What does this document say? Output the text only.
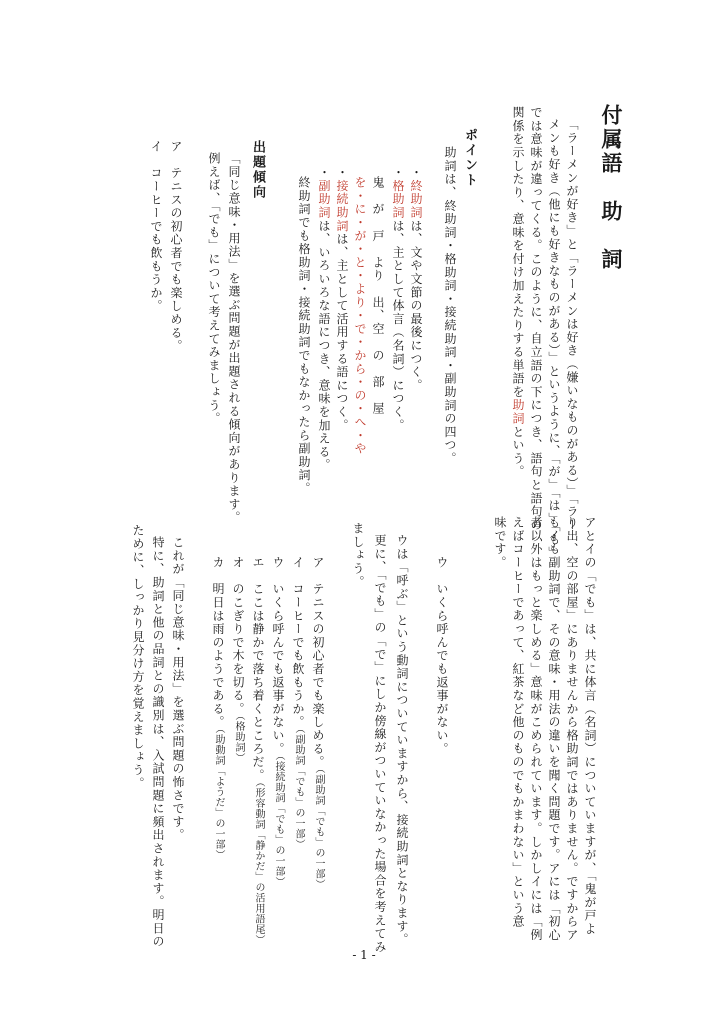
付属語　助　詞
「ラーメンが好き」と「ラーメンは好き（嫌いなものがある）」「ラー
メンも好き（他にも好きなものがある）」というように、「が」「は」「も」
では意味が違ってくる。このように、自立語の下につき、語句と語句の
関係を示したり、意味を付け加えたりする単語を助詞という。
ポイント
助詞は、終助詞・格助詞・接続助詞・副助詞の四つ。
・終助詞は、文や文節の最後につく。
・格助詞は、主として体言（名詞）につく。
鬼　が　戸　より　出、空　の　部　屋
を・に・が・と・より・で・から・の・へ・や
・接続助詞は、主として活用する語につく。
・副助詞は、いろいろな語につき、意味を加える。
終助詞でも格助詞・接続助詞でもなかったら副助詞。
出題傾向
「同じ意味・用法」を選ぶ問題が出題される傾向があります。
例えば、「でも」について考えてみましょう。
ア　テニスの初心者でも楽しめる。
イ　コーヒーでも飲もうか。
アとイの「でも」は、共に体言（名詞）についていますが、「鬼が戸よ
り出、空の部屋」にありませんから格助詞ではありません。ですからア
もイも副助詞で、その意味・用法の違いを聞く問題です。アには「初心
者以外はもっと楽しめる」意味がこめられています。しかしイには「例
えばコーヒーであって、紅茶など他のものでもかまわない」という意
味です。
ウ　いくら呼んでも返事がない。
ウは「呼ぶ」という動詞についていますから、接続助詞となります。
更に、「でも」の「で」にしか傍線がついていなかった場合を考えてみ
ましょう。
ア　テニスの初心者でも楽しめる。（副助詞「でも」の一部）
イ　コーヒーでも飲もうか。（副助詞「でも」の一部）
ウ　いくら呼んでも返事がない。（接続助詞「でも」の一部）
エ　ここは静かで落ち着くところだ。（形容動詞「静かだ」の活用語尾）
オ　のこぎりで木を切る。（格助詞）
カ　明日は雨のようである。（助動詞「ようだ」の一部）
これが「同じ意味・用法」を選ぶ問題の怖さです。
特に、助詞と他の品詞との識別は、入試問題に頻出されます。明日の
ために、しっかり見分け方を覚えましょう。
- 1 -
